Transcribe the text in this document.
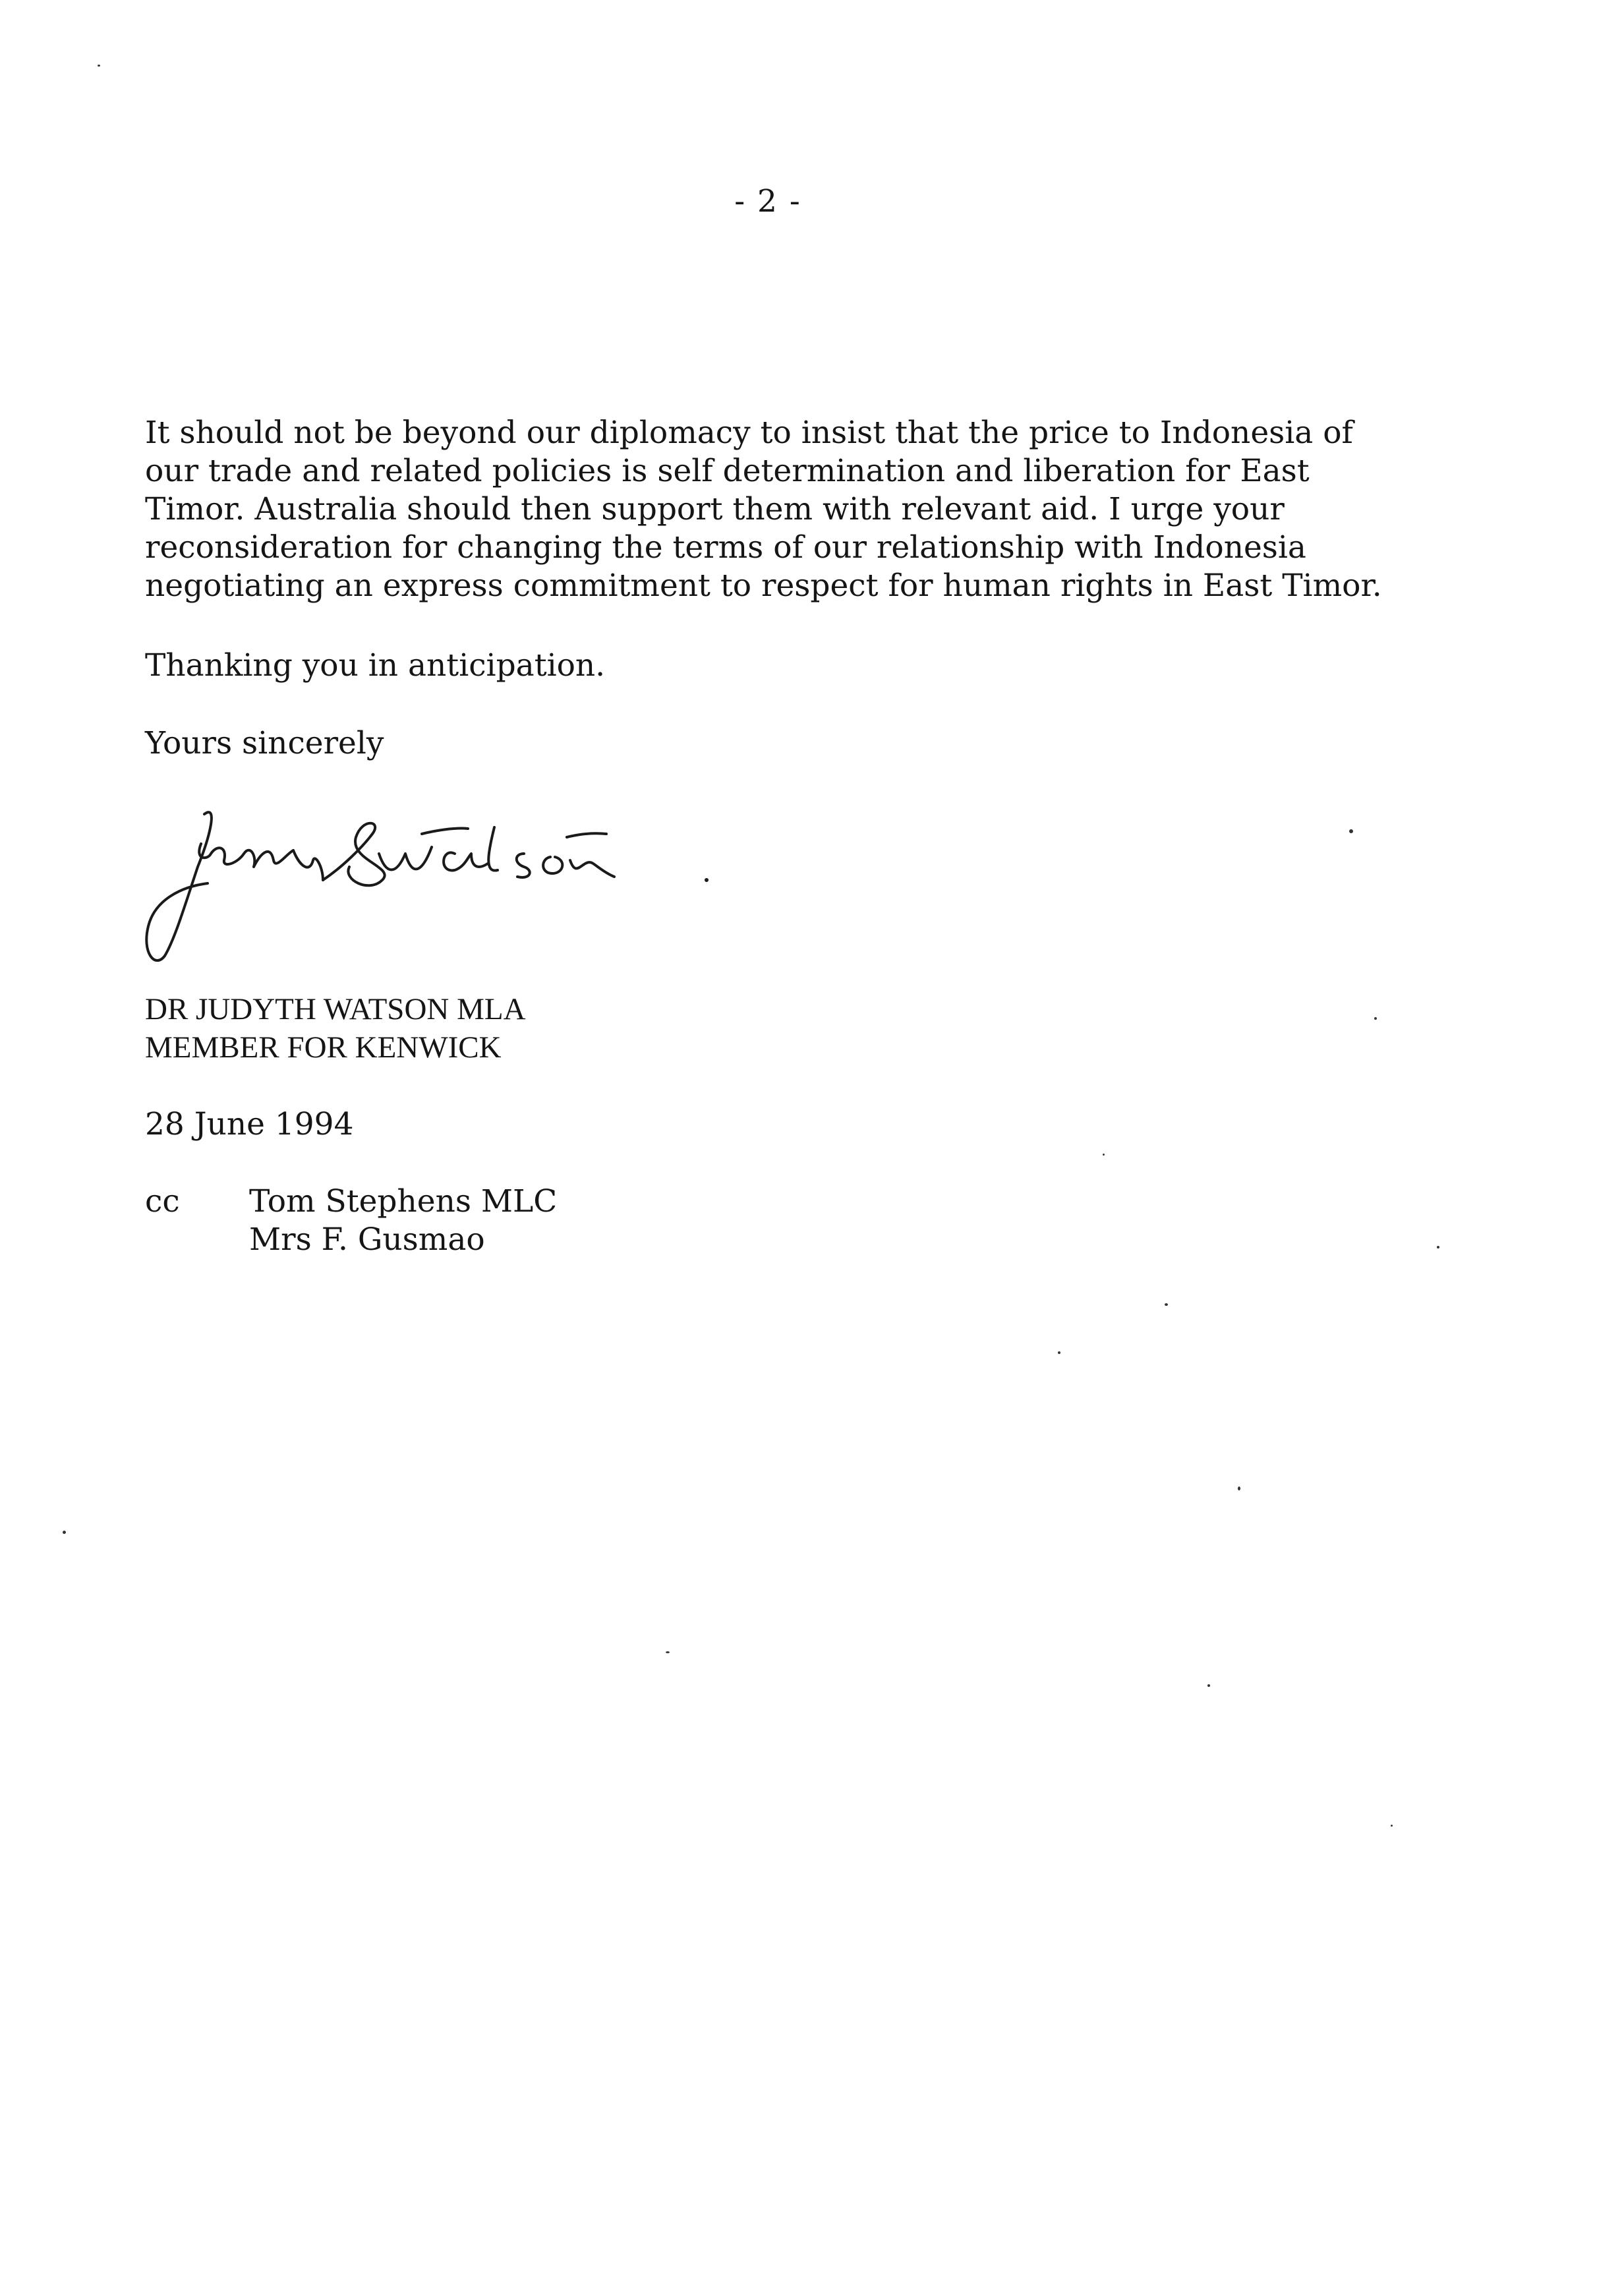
- 2 -

It should not be beyond our diplomacy to insist that the price to Indonesia of
our trade and related policies is self determination and liberation for East
Timor. Australia should then support them with relevant aid. I urge your
reconsideration for changing the terms of our relationship with Indonesia
negotiating an express commitment to respect for human rights in East Timor.

Thanking you in anticipation.

Yours sincerely

DR JUDYTH WATSON MLA
MEMBER FOR KENWICK

28 June 1994

cc Tom Stephens MLC
Mrs F. Gusmao
